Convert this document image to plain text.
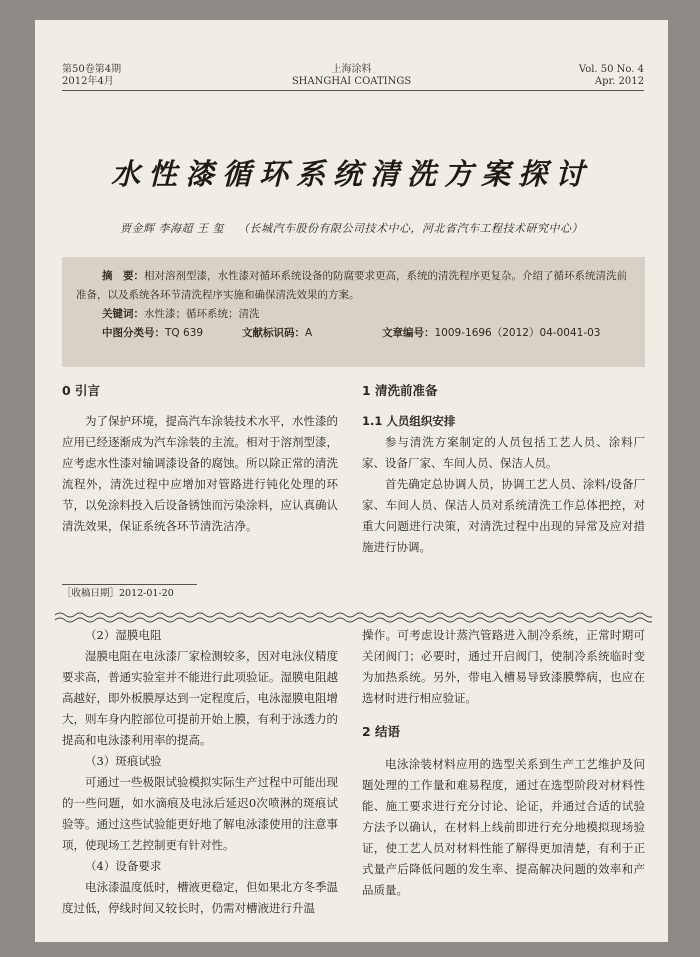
第50卷第4期
2012年4月
上海涂料
SHANGHAI COATINGS
Vol. 50 No. 4
Apr. 2012
水性漆循环系统清洗方案探讨
贾金辉 李海超 王 玺 （长城汽车股份有限公司技术中心，河北省汽车工程技术研究中心）

摘　要：相对溶剂型漆，水性漆对循环系统设备的防腐要求更高，系统的清洗程序更复杂。介绍了循环系统清洗前准备，以及系统各环节清洗程序实施和确保清洗效果的方案。

关键词：水性漆；循环系统；清洗

中图分类号：TQ 639	文献标识码：A	文章编号：1009-1696（2012）04-0041-03

0 引言

为了保护环境，提高汽车涂装技术水平，水性漆的应用已经逐渐成为汽车涂装的主流。相对于溶剂型漆，应考虑水性漆对输调漆设备的腐蚀。所以除正常的清洗流程外，清洗过程中应增加对管路进行钝化处理的环节，以免涂料投入后设备锈蚀而污染涂料，应认真确认清洗效果，保证系统各环节清洗洁净。

［收稿日期］2012-01-20

1 清洗前准备

1.1 人员组织安排

参与清洗方案制定的人员包括工艺人员、涂料厂家、设备厂家、车间人员、保洁人员。

首先确定总协调人员，协调工艺人员、涂料/设备厂家、车间人员、保洁人员对系统清洗工作总体把控，对重大问题进行决策，对清洗过程中出现的异常及应对措施进行协调。

（2）湿膜电阻

湿膜电阻在电泳漆厂家检测较多，因对电泳仪精度要求高，普通实验室并不能进行此项验证。湿膜电阻越高越好，即外板膜厚达到一定程度后，电泳湿膜电阻增大，则车身内腔部位可提前开始上膜，有利于泳透力的提高和电泳漆利用率的提高。

（3）斑痕试验

可通过一些极限试验模拟实际生产过程中可能出现的一些问题，如水滴痕及电泳后延迟0次喷淋的斑痕试验等。通过这些试验能更好地了解电泳漆使用的注意事项，使现场工艺控制更有针对性。

（4）设备要求

电泳漆温度低时，槽液更稳定，但如果北方冬季温度过低，停线时间又较长时，仍需对槽液进行升温

操作。可考虑设计蒸汽管路进入制冷系统，正常时期可关闭阀门；必要时，通过开启阀门，使制冷系统临时变为加热系统。另外，带电入槽易导致漆膜弊病，也应在选材时进行相应验证。

2 结语

电泳涂装材料应用的选型关系到生产工艺维护及问题处理的工作量和难易程度，通过在选型阶段对材料性能、施工要求进行充分讨论、论证，并通过合适的试验方法予以确认，在材料上线前即进行充分地模拟现场验证，使工艺人员对材料性能了解得更加清楚，有利于正式量产后降低问题的发生率、提高解决问题的效率和产品质量。
